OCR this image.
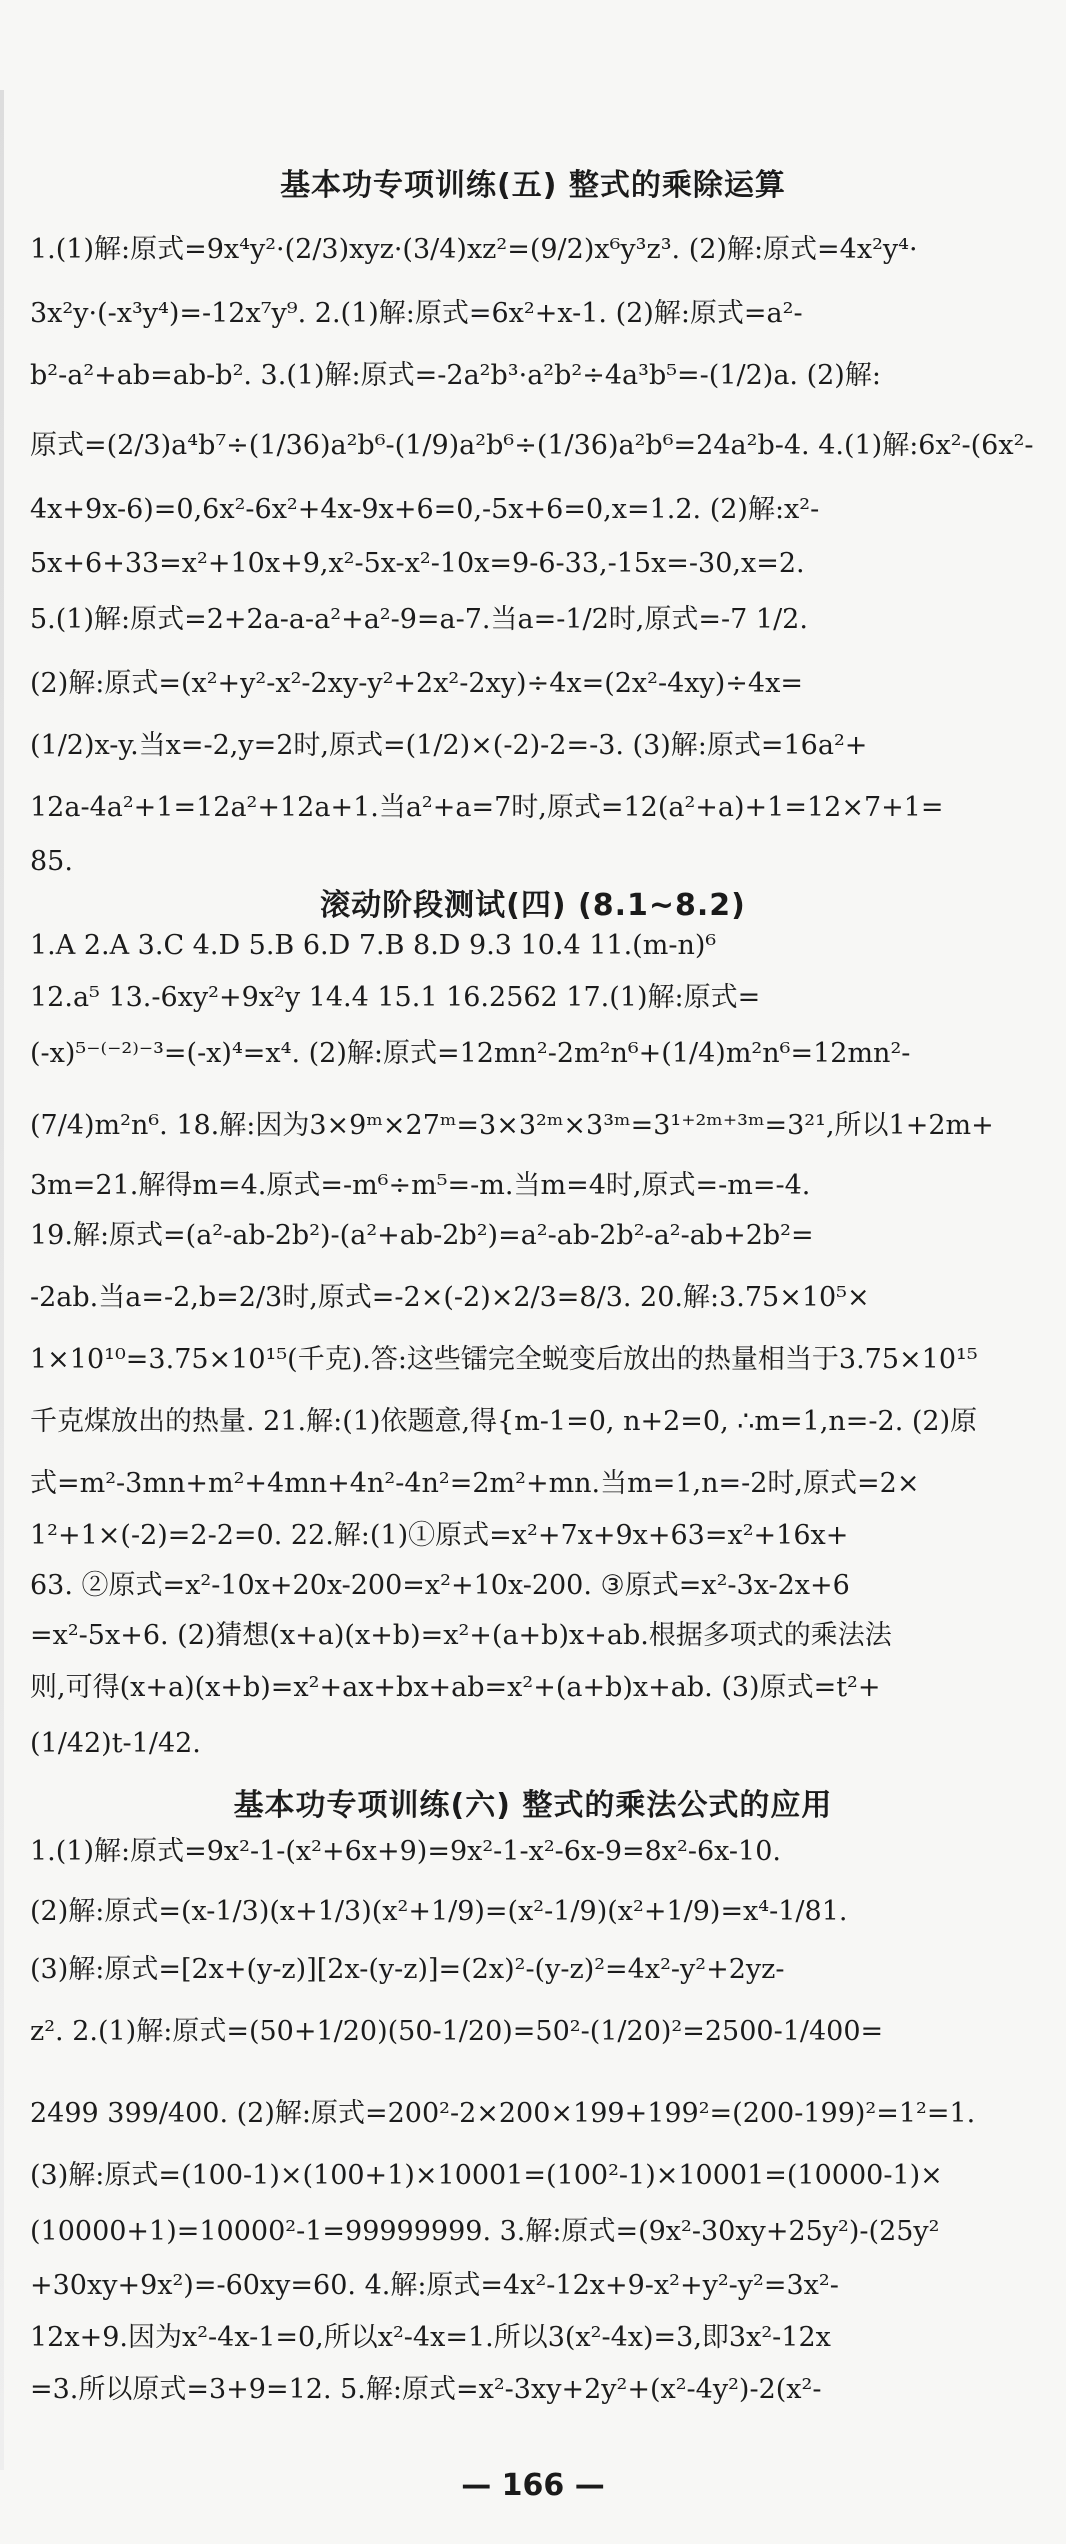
基本功专项训练(五) 整式的乘除运算
1.(1)解:原式=9x⁴y²·(2/3)xyz·(3/4)xz²=(9/2)x⁶y³z³. (2)解:原式=4x²y⁴·
3x²y·(-x³y⁴)=-12x⁷y⁹. 2.(1)解:原式=6x²+x-1. (2)解:原式=a²-
b²-a²+ab=ab-b². 3.(1)解:原式=-2a²b³·a²b²÷4a³b⁵=-(1/2)a. (2)解:
原式=(2/3)a⁴b⁷÷(1/36)a²b⁶-(1/9)a²b⁶÷(1/36)a²b⁶=24a²b-4. 4.(1)解:6x²-(6x²-
4x+9x-6)=0,6x²-6x²+4x-9x+6=0,-5x+6=0,x=1.2. (2)解:x²-
5x+6+33=x²+10x+9,x²-5x-x²-10x=9-6-33,-15x=-30,x=2.
5.(1)解:原式=2+2a-a-a²+a²-9=a-7.当a=-1/2时,原式=-7 1/2.
(2)解:原式=(x²+y²-x²-2xy-y²+2x²-2xy)÷4x=(2x²-4xy)÷4x=
(1/2)x-y.当x=-2,y=2时,原式=(1/2)×(-2)-2=-3. (3)解:原式=16a²+
12a-4a²+1=12a²+12a+1.当a²+a=7时,原式=12(a²+a)+1=12×7+1=
85.
滚动阶段测试(四) (8.1~8.2)
1.A 2.A 3.C 4.D 5.B 6.D 7.B 8.D 9.3 10.4 11.(m-n)⁶
12.a⁵ 13.-6xy²+9x²y 14.4 15.1 16.2562 17.(1)解:原式=
(-x)⁵⁻⁽⁻²⁾⁻³=(-x)⁴=x⁴. (2)解:原式=12mn²-2m²n⁶+(1/4)m²n⁶=12mn²-
(7/4)m²n⁶. 18.解:因为3×9ᵐ×27ᵐ=3×3²ᵐ×3³ᵐ=3¹⁺²ᵐ⁺³ᵐ=3²¹,所以1+2m+
3m=21.解得m=4.原式=-m⁶÷m⁵=-m.当m=4时,原式=-m=-4.
19.解:原式=(a²-ab-2b²)-(a²+ab-2b²)=a²-ab-2b²-a²-ab+2b²=
-2ab.当a=-2,b=2/3时,原式=-2×(-2)×2/3=8/3. 20.解:3.75×10⁵×
1×10¹⁰=3.75×10¹⁵(千克).答:这些镭完全蜕变后放出的热量相当于3.75×10¹⁵
千克煤放出的热量. 21.解:(1)依题意,得{m-1=0, n+2=0, ∴m=1,n=-2. (2)原
式=m²-3mn+m²+4mn+4n²-4n²=2m²+mn.当m=1,n=-2时,原式=2×
1²+1×(-2)=2-2=0. 22.解:(1)①原式=x²+7x+9x+63=x²+16x+
63. ②原式=x²-10x+20x-200=x²+10x-200. ③原式=x²-3x-2x+6
=x²-5x+6. (2)猜想(x+a)(x+b)=x²+(a+b)x+ab.根据多项式的乘法法
则,可得(x+a)(x+b)=x²+ax+bx+ab=x²+(a+b)x+ab. (3)原式=t²+
(1/42)t-1/42.
基本功专项训练(六) 整式的乘法公式的应用
1.(1)解:原式=9x²-1-(x²+6x+9)=9x²-1-x²-6x-9=8x²-6x-10.
(2)解:原式=(x-1/3)(x+1/3)(x²+1/9)=(x²-1/9)(x²+1/9)=x⁴-1/81.
(3)解:原式=[2x+(y-z)][2x-(y-z)]=(2x)²-(y-z)²=4x²-y²+2yz-
z². 2.(1)解:原式=(50+1/20)(50-1/20)=50²-(1/20)²=2500-1/400=
2499 399/400. (2)解:原式=200²-2×200×199+199²=(200-199)²=1²=1.
(3)解:原式=(100-1)×(100+1)×10001=(100²-1)×10001=(10000-1)×
(10000+1)=10000²-1=99999999. 3.解:原式=(9x²-30xy+25y²)-(25y²
+30xy+9x²)=-60xy=60. 4.解:原式=4x²-12x+9-x²+y²-y²=3x²-
12x+9.因为x²-4x-1=0,所以x²-4x=1.所以3(x²-4x)=3,即3x²-12x
=3.所以原式=3+9=12. 5.解:原式=x²-3xy+2y²+(x²-4y²)-2(x²-
— 166 —
